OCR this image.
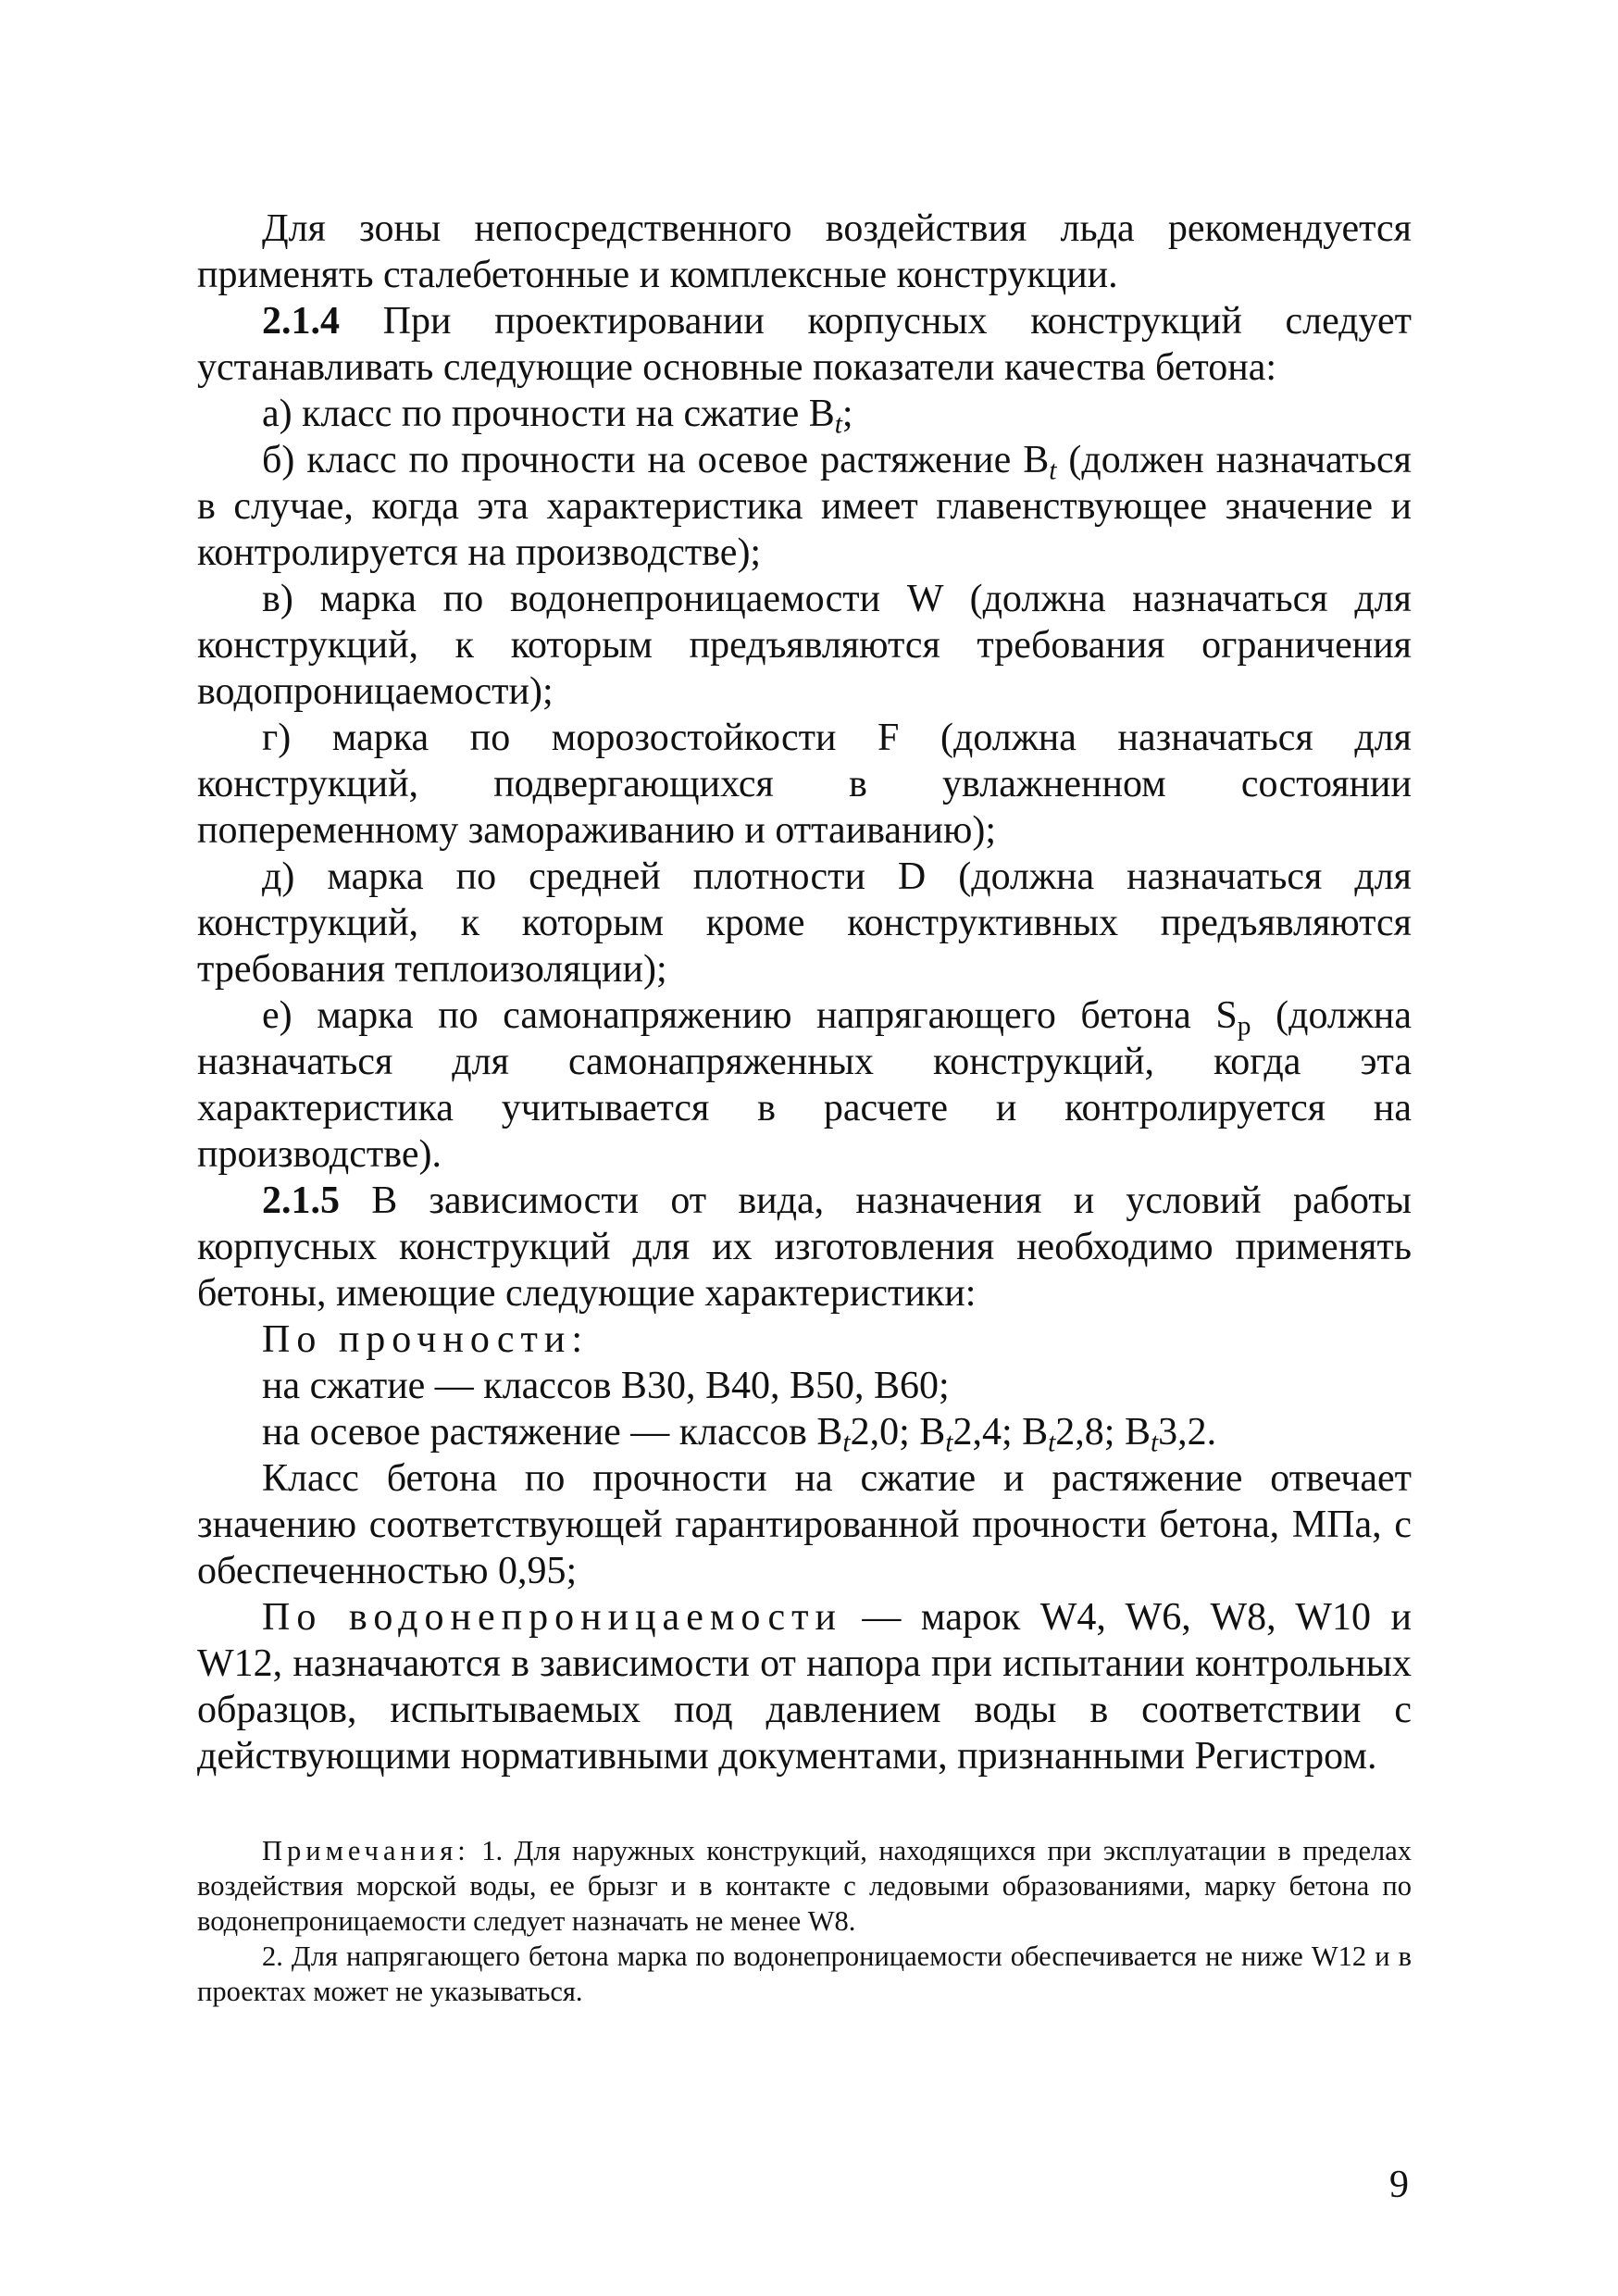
Для зоны непосредственного воздействия льда рекомендуется применять сталебетонные и комплексные конструкции.

2.1.4 При проектировании корпусных конструкций следует устанавливать следующие основные показатели качества бетона:

а) класс по прочности на сжатие $В_t$;

б) класс по прочности на осевое растяжение $В_t$ (должен назначаться в случае, когда эта характеристика имеет главенствующее значение и контролируется на производстве);

в) марка по водонепроницаемости W (должна назначаться для конструкций, к которым предъявляются требования ограничения водопроницаемости);

г) марка по морозостойкости F (должна назначаться для конструкций, подвергающихся в увлажненном состоянии попеременному замораживанию и оттаиванию);

д) марка по средней плотности D (должна назначаться для конструкций, к которым кроме конструктивных предъявляются требования теплоизоляции);

е) марка по самонапряжению напрягающего бетона $S_р$ (должна назначаться для самонапряженных конструкций, когда эта характеристика учитывается в расчете и контролируется на производстве).

2.1.5 В зависимости от вида, назначения и условий работы корпусных конструкций для их изготовления необходимо применять бетоны, имеющие следующие характеристики:

По прочности:

на сжатие — классов В30, В40, В50, В60;

на осевое растяжение — классов $В_t2,0$; $В_t2,4$; $В_t2,8$; $В_t3,2$.

Класс бетона по прочности на сжатие и растяжение отвечает значению соответствующей гарантированной прочности бетона, МПа, с обеспеченностью 0,95;

По водонепроницаемости — марок W4, W6, W8, W10 и W12, назначаются в зависимости от напора при испытании контрольных образцов, испытываемых под давлением воды в соответствии с действующими нормативными документами, признанными Регистром.

Примечания: 1. Для наружных конструкций, находящихся при эксплуатации в пределах воздействия морской воды, ее брызг и в контакте с ледовыми образованиями, марку бетона по водонепроницаемости следует назначать не менее W8.

2. Для напрягающего бетона марка по водонепроницаемости обеспечивается не ниже W12 и в проектах может не указываться.

9
